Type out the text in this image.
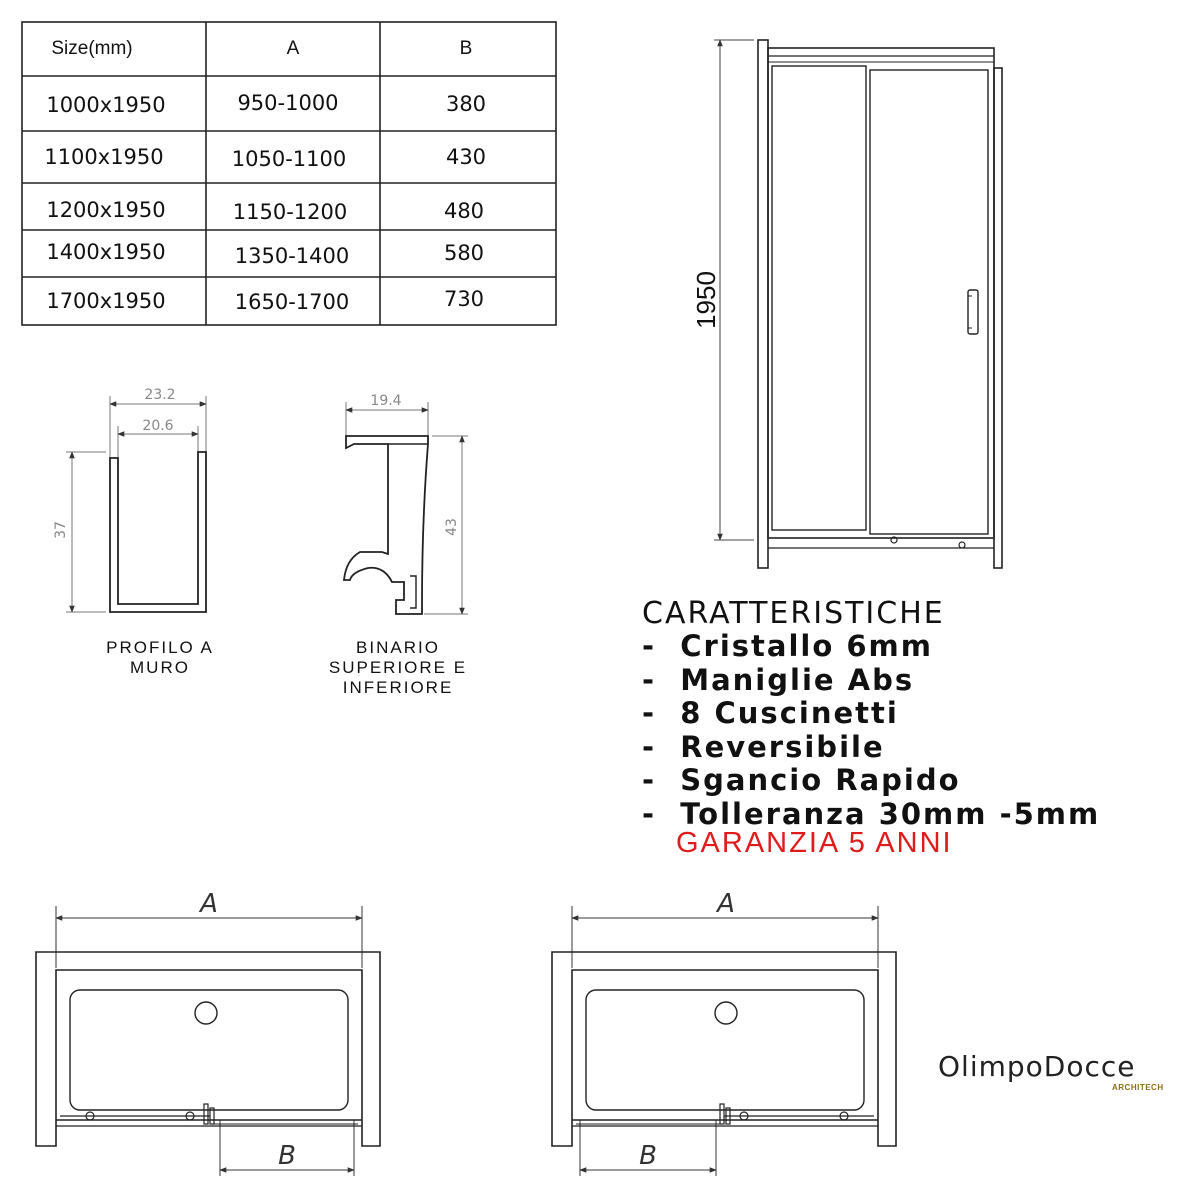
Size(mm)	A	B
1000x1950	950-1000	380
1100x1950	1050-1100	430
1200x1950	1150-1200	480
1400x1950	1350-1400	580
1700x1950	1650-1700	730
23.2
20.6
37
19.4
43
1950
A
B
A
B
PROFILO A
MURO
BINARIO
SUPERIORE E
INFERIORE
CARATTERISTICHE
- Cristallo 6mm
- Maniglie Abs
- 8 Cuscinetti
- Reversibile
- Sgancio Rapido
- Tolleranza 30mm -5mm
GARANZIA 5 ANNI
OlimpoDocce
ARCHITECH
